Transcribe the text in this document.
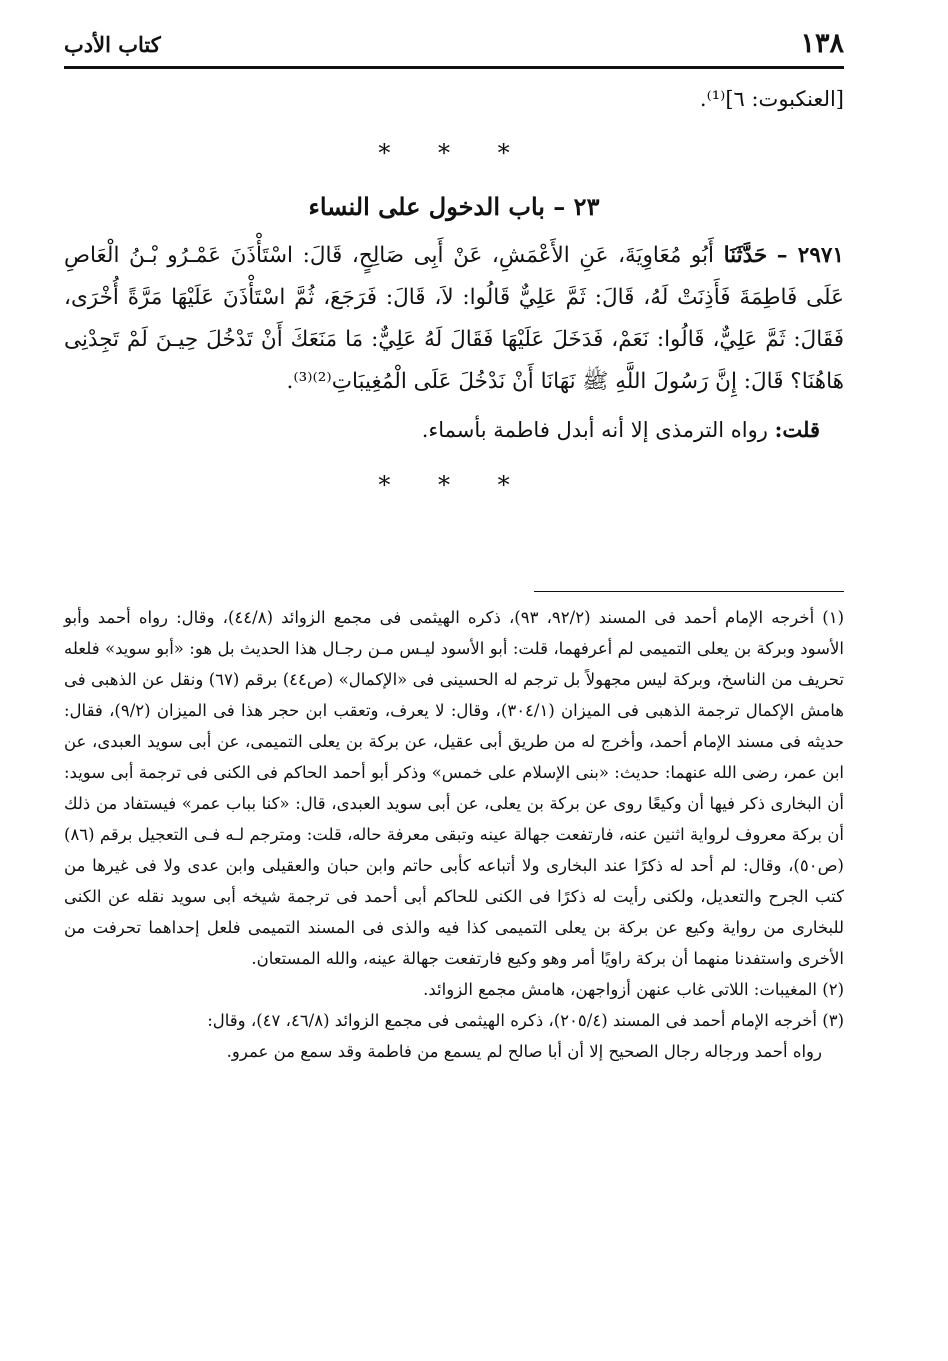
١٣٨
كتاب الأدب

[العنكبوت: ٦]⁽¹⁾.

* * *
٢٣ – باب الدخول على النساء

٢٩٧١ – حَدَّثَنَا أَبُو مُعَاوِيَةَ، عَنِ الأَعْمَشِ، عَنْ أَبِى صَالِحٍ، قَالَ: اسْتَأْذَنَ عَمْـرُو بْـنُ الْعَاصِ عَلَى فَاطِمَةَ فَأَذِنَتْ لَهُ، قَالَ: ثَمَّ عَلِيٌّ قَالُوا: لاَ، قَالَ: فَرَجَعَ، ثُمَّ اسْتَأْذَنَ عَلَيْهَا مَرَّةً أُخْرَى، فَقَالَ: ثَمَّ عَلِيٌّ، قَالُوا: نَعَمْ، فَدَخَلَ عَلَيْهَا فَقَالَ لَهُ عَلِيٌّ: مَا مَنَعَكَ أَنْ تَدْخُلَ حِيـنَ لَمْ تَجِدْنِى هَاهُنَا؟ قَالَ: إِنَّ رَسُولَ اللَّهِ ﷺ نَهَانَا أَنْ نَدْخُلَ عَلَى الْمُغِيبَاتِ⁽²⁾⁽³⁾.

قلت: رواه الترمذى إلا أنه أبدل فاطمة بأسماء.

* * *

(١) أخرجه الإمام أحمد فى المسند (٩٢/٢، ٩٣)، ذكره الهيثمى فى مجمع الزوائد (٤٤/٨)، وقال: رواه أحمد وأبو الأسود وبركة بن يعلى التميمى لم أعرفهما، قلت: أبو الأسود ليـس مـن رجـال هذا الحديث بل هو: «أبو سويد» فلعله تحريف من الناسخ، وبركة ليس مجهولاً بل ترجم له الحسينى فى «الإكمال» (ص٤٤) برقم (٦٧) ونقل عن الذهبى فى هامش الإكمال ترجمة الذهبى فى الميزان (٣٠٤/١)، وقال: لا يعرف، وتعقب ابن حجر هذا فى الميزان (٩/٢)، فقال: حديثه فى مسند الإمام أحمد، وأخرج له من طريق أبى عقيل، عن بركة بن يعلى التميمى، عن أبى سويد العبدى، عن ابن عمر، رضى الله عنهما: حديث: «بنى الإسلام على خمس» وذكر أبو أحمد الحاكم فى الكنى فى ترجمة أبى سويد: أن البخارى ذكر فيها أن وكيعًا روى عن بركة بن يعلى، عن أبى سويد العبدى، قال: «كنا بباب عمر» فيستفاد من ذلك أن بركة معروف لرواية اثنين عنه، فارتفعت جهالة عينه وتبقى معرفة حاله، قلت: ومترجم لـه فـى التعجيل برقم (٨٦) (ص٥٠)، وقال: لم أحد له ذكرًا عند البخارى ولا أتباعه كأبى حاتم وابن حبان والعقيلى وابن عدى ولا فى غيرها من كتب الجرح والتعديل، ولكنى رأيت له ذكرًا فى الكنى للحاكم أبى أحمد فى ترجمة شيخه أبى سويد نقله عن الكنى للبخارى من رواية وكيع عن بركة بن يعلى التميمى كذا فيه والذى فى المسند التميمى فلعل إحداهما تحرفت من الأخرى واستفدنا منهما أن بركة راويًا أمر وهو وكيع فارتفعت جهالة عينه، والله المستعان.

(٢) المغيبات: اللاتى غاب عنهن أزواجهن، هامش مجمع الزوائد.

(٣) أخرجه الإمام أحمد فى المسند (٢٠٥/٤)، ذكره الهيثمى فى مجمع الزوائد (٤٦/٨، ٤٧)، وقال:

رواه أحمد ورجاله رجال الصحيح إلا أن أبا صالح لم يسمع من فاطمة وقد سمع من عمرو.
